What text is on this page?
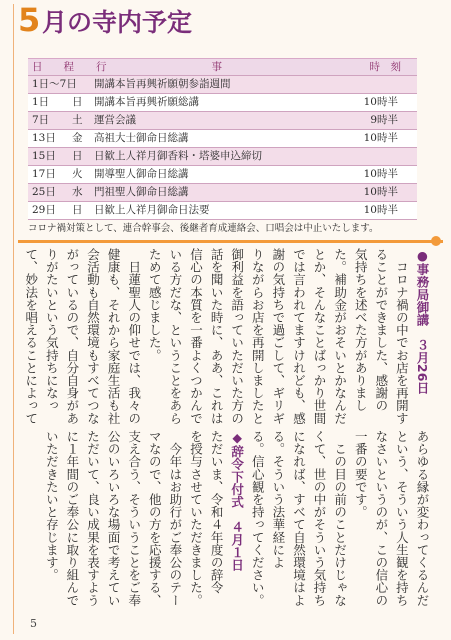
5 月の寺内予定
日　　程 行　　　　　　　　　　事	時　刻
1日〜7日 開講本旨再興祈願朝参詣週間
1日	日 開講本旨再興祈願総講	10時半
7日	土 運営会議	9時半
13日	金 高祖大士御命日総講	10時半
15日	日 日歓上人祥月御香料・塔婆申込締切
17日	火 開導聖人御命日総講	10時半
25日	水 門祖聖人御命日総講	10時半
29日	日 日歓上人祥月御命日法要	10時半
コロナ禍対策として、連合幹事会、後継者育成連絡会、口唱会は中止いたします。
●事務局御講　３月26日
　コロナ禍の中でお店を再開す
ることができました、感謝の
気持ちを述べた方がありまし
た。補助金がおそいとかなんだ
とか、そんなことばっかり世間
では言われてますけれども、感
謝の気持ちで過ごして、ギリギ
りながらお店を再開しましたと
御利益を語っていただいた方の
話を聞いた時に、ああ、これは
信心の本質を一番よくつかんで
いる方だな、ということをあら
ためて感じました。
　日蓮聖人の仰せでは、我々の
健康も、それから家庭生活も社
会活動も自然環境もすべてつな
がっているので、自分自身があ
りがたいという気持ちになっ
て、妙法を唱えることによって
あらゆる縁が変わってくるんだ
という、そういう人生観を持ち
なさいというのが、この信心の
一番の要です。
　この目の前のことだけじゃな
くて、世の中がそういう気持ち
になれば、すべて自然環境はよ
る。そういう法華経によ
る。信心観を持ってください。
◆辞令下付式　４月１日
ただいま、令和４年度の辞令
を授与させていただきました。
　今年はお助行がご奉公のテー
マなので、他の方を応援する、
支え合う、そういうことをご奉
公のいろいろな場面で考えてい
ただいて、良い成果を表すよう
に１年間のご奉公に取り組んで
いただきたいと存じます。
5
